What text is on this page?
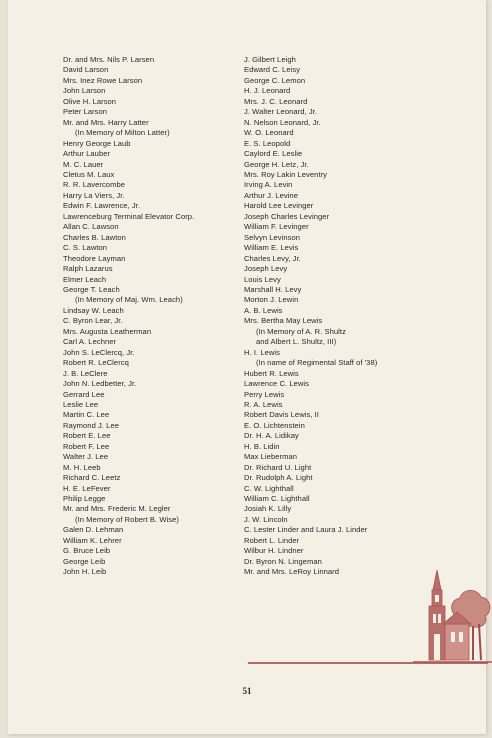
Dr. and Mrs. Nils P. Larsen
David Larson
Mrs. Inez Rowe Larson
John Larson
Olive H. Larson
Peter Larson
Mr. and Mrs. Harry Latter
(In Memory of Milton Latter)
Henry George Laub
Arthur Lauber
M. C. Lauer
Cletus M. Laux
R. R. Lavercombe
Harry La Viers, Jr.
Edwin F. Lawrence, Jr.
Lawrenceburg Terminal Elevator Corp.
Allan C. Lawson
Charles B. Lawton
C. S. Lawton
Theodore Layman
Ralph Lazarus
Elmer Leach
George T. Leach
(In Memory of Maj. Wm. Leach)
Lindsay W. Leach
C. Byron Lear, Jr.
Mrs. Augusta Leatherman
Carl A. Lechner
John S. LeClercq, Jr.
Robert R. LeClercq
J. B. LeClere
John N. Ledbetter, Jr.
Gerrard Lee
Leslie Lee
Martin C. Lee
Raymond J. Lee
Robert E. Lee
Robert F. Lee
Walter J. Lee
M. H. Leeb
Richard C. Leetz
H. E. LeFever
Philip Legge
Mr. and Mrs. Frederic M. Legler
(In Memory of Robert B. Wise)
Galen D. Lehman
William K. Lehrer
G. Bruce Leib
George Leib
John H. Leib
J. Gilbert Leigh
Edward C. Leisy
George C. Lemon
H. J. Leonard
Mrs. J. C. Leonard
J. Walter Leonard, Jr.
N. Nelson Leonard, Jr.
W. O. Leonard
E. S. Leopold
Caylord E. Leslie
George H. Letz, Jr.
Mrs. Roy Lakin Leventry
Irving A. Levin
Arthur J. Levine
Harold Lee Levinger
Joseph Charles Levinger
William F. Levinger
Selvyn Levinson
William E. Levis
Charles Levy, Jr.
Joseph Levy
Louis Levy
Marshall H. Levy
Morton J. Lewin
A. B. Lewis
Mrs. Bertha May Lewis
(In Memory of A. R. Shultz
and Albert L. Shultz, III)
H. I. Lewis
(In name of Regimental Staff of '38)
Hubert R. Lewis
Lawrence C. Lewis
Perry Lewis
R. A. Lewis
Robert Davis Lewis, II
E. O. Lichtenstein
Dr. H. A. Lidikay
H. B. Lidin
Max Lieberman
Dr. Richard U. Light
Dr. Rudolph A. Light
C. W. Lighthall
William C. Lighthall
Josiah K. Lilly
J. W. Lincoln
C. Lester Linder and Laura J. Linder
Robert L. Linder
Wilbur H. Lindner
Dr. Byron N. Lingeman
Mr. and Mrs. LeRoy Linnard
51
